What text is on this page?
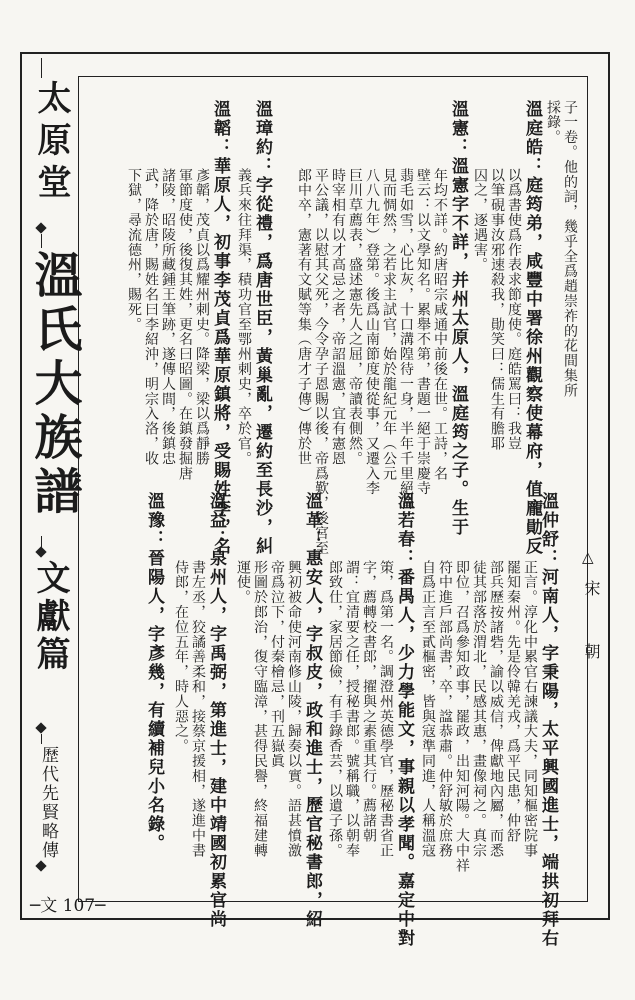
太原堂
溫氏大族譜
文獻篇
歷代先賢略傳
─文 107─
子一卷。他的詞，幾乎全爲趙崇祚的花間集所
採錄。
溫庭皓：庭筠弟，咸豐中署徐州觀察使幕府，值龐勛反
以爲書使爲作表求節度使。庭皓罵曰：我豈
以筆硯事汝邪速殺我，勛笑曰：儒生有膽耶
囚之，逐遇害。
溫憲：溫憲字不詳，并州太原人，溫庭筠之子。生于
年均不詳。約唐昭宗咸通中前後在世。工詩，名
壁云：以文學知名。累舉不第，書題一絕于崇慶寺
翡毛如雪，心比灰，十口溝隍待一身，半年千里絕音
見而惆然，之若求主試官，始於龍紀元年（公元
八八九年）登第。後爲山南節度使從事，又遷入李
巨川草薦表，盛述憲先人之屈，帝讀表側然。
時宰相有以才高忌之者，帝詔溫憲，宜有憲恩
平公議，以慰其父死，今令孕子恩賜以後，帝爲歎，後宮至
郎中卒，憲著有文賦等集（唐才子傳）傳於世
溫璋約：字從禮，爲唐世臣，黃巢亂，遷約至長沙，糾
義兵來往拜渠，積功官至鄂州刺史，卒於官。
溫韜：華原人，初事李茂貞爲華原鎮將，受賜姓李，名
彥韜，茂貞以爲耀州刺史。降梁，梁以爲靜勝
軍節度使，後復其姓，更名曰昭圖。在鎮發掘唐
諸陵，昭陵所藏鍾王筆跡，遂傳人間，後鎮忠
武，降於唐，賜姓名曰李紹沖，明宗入洛，收
下獄，尋流德州，賜死。
△
宋 朝
溫仲舒：河南人，字秉陽，太平興國進士，端拱初拜右
正言。淳化中累官右諫議大夫，同知樞密院事
罷知秦州。先是伶韓羌戎，爲平民患，仲舒
部兵歷按諸砦，諭以威信，俾獻地內屬，而悉
徒其部落於渭北，民感其惠，畫像祠之。真宗
即位，召爲參知政事，罷政，出知河陽。大中祥
符中進戶部尚書，卒，諡恭肅。仲舒敏於庶務
自爲正言至貳樞密，皆與寇準同進，人稱溫寇
溫若春：番禺人，少力學能文，事親以孝聞。嘉定中對
策，爲第一名。調澄州英德學官，歷秘書省正
字，薦轉校書郎，擢與之素重其行。薦諸朝
謂：宜清要之任，授秘書郎。號稱職，以朝奉
郎致仕，家居節儉，有手錄香芸，以遺子孫。
溫革：惠安人，字叔皮，政和進士，歷官秘書郎，紹
興初被命使河南修山陵，歸奏以實。語甚憤激
帝爲泣下，付秦檜忌，刊五嶽眞
形圖於郎治，復守臨漳，甚得民譽，終福建轉
運使。
溫益：泉州人，字禹弼，第進士，建中靖國初累官尚
書左丞，狡譎善柔和，接蔡京援相，遂進中書
侍郎，在位五年，時人惡之。
溫豫：晉陽人，字彥幾，有續補兒小名錄。
